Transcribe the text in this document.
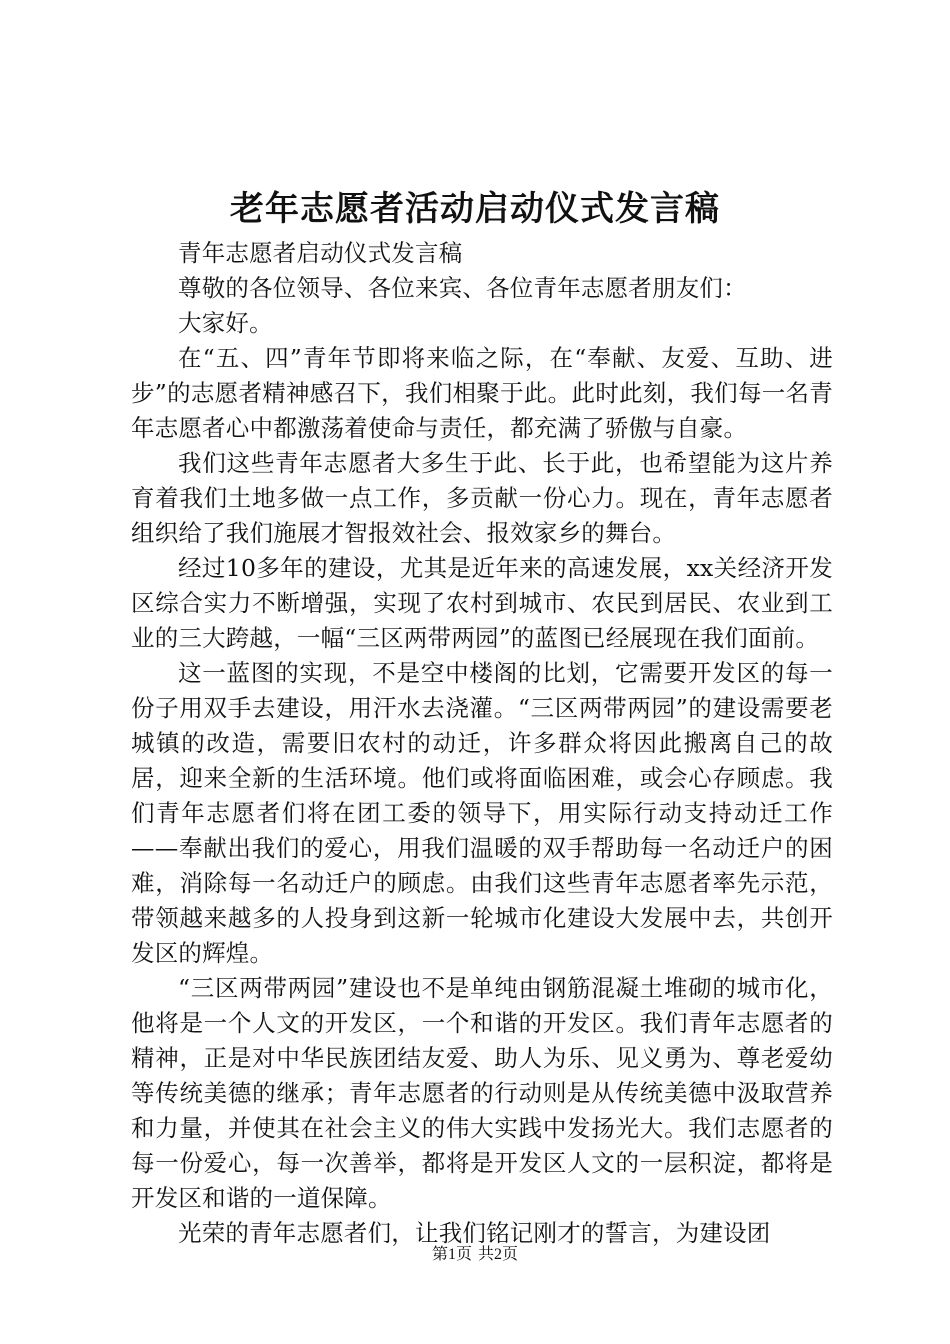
老年志愿者活动启动仪式发言稿

青年志愿者启动仪式发言稿

尊敬的各位领导、各位来宾、各位青年志愿者朋友们：

大家好。

在“五、四”青年节即将来临之际，在“奉献、友爱、互助、进步”的志愿者精神感召下，我们相聚于此。此时此刻，我们每一名青年志愿者心中都激荡着使命与责任，都充满了骄傲与自豪。

我们这些青年志愿者大多生于此、长于此，也希望能为这片养育着我们土地多做一点工作，多贡献一份心力。现在，青年志愿者组织给了我们施展才智报效社会、报效家乡的舞台。

经过10多年的建设，尤其是近年来的高速发展，xx关经济开发区综合实力不断增强，实现了农村到城市、农民到居民、农业到工业的三大跨越，一幅“三区两带两园”的蓝图已经展现在我们面前。

这一蓝图的实现，不是空中楼阁的比划，它需要开发区的每一份子用双手去建设，用汗水去浇灌。“三区两带两园”的建设需要老城镇的改造，需要旧农村的动迁，许多群众将因此搬离自己的故居，迎来全新的生活环境。他们或将面临困难，或会心存顾虑。我们青年志愿者们将在团工委的领导下，用实际行动支持动迁工作——奉献出我们的爱心，用我们温暖的双手帮助每一名动迁户的困难，消除每一名动迁户的顾虑。由我们这些青年志愿者率先示范，带领越来越多的人投身到这新一轮城市化建设大发展中去，共创开发区的辉煌。

“三区两带两园”建设也不是单纯由钢筋混凝土堆砌的城市化，他将是一个人文的开发区，一个和谐的开发区。我们青年志愿者的精神，正是对中华民族团结友爱、助人为乐、见义勇为、尊老爱幼等传统美德的继承；青年志愿者的行动则是从传统美德中汲取营养和力量，并使其在社会主义的伟大实践中发扬光大。我们志愿者的每一份爱心，每一次善举，都将是开发区人文的一层积淀，都将是开发区和谐的一道保障。

光荣的青年志愿者们，让我们铭记刚才的誓言，为建设团

第1页 共2页
